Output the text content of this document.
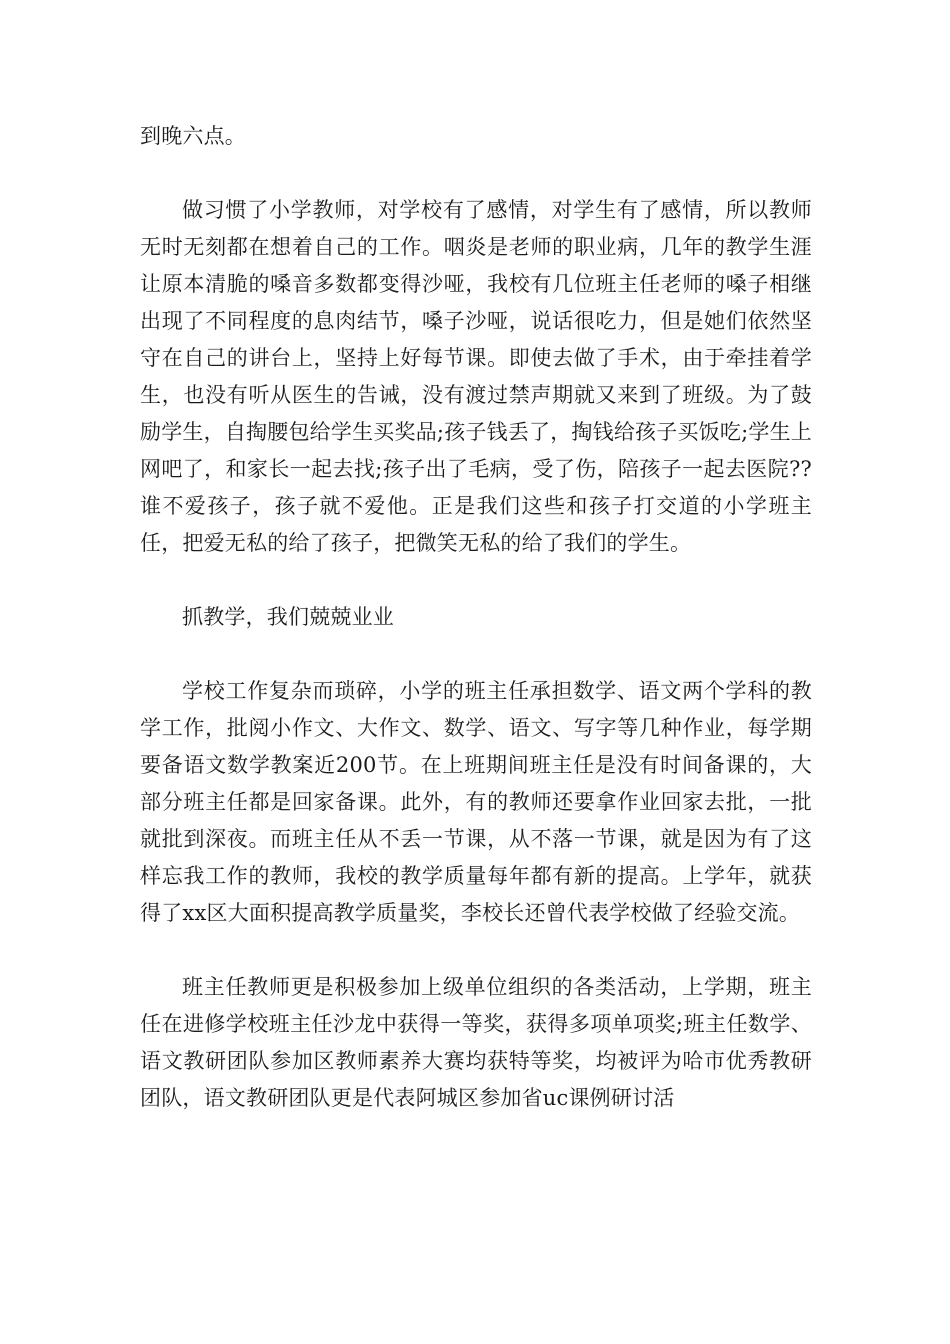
到晚六点。

做习惯了小学教师，对学校有了感情，对学生有了感情，所以教师无时无刻都在想着自己的工作。咽炎是老师的职业病，几年的教学生涯让原本清脆的嗓音多数都变得沙哑，我校有几位班主任老师的嗓子相继出现了不同程度的息肉结节，嗓子沙哑，说话很吃力，但是她们依然坚守在自己的讲台上，坚持上好每节课。即使去做了手术，由于牵挂着学生，也没有听从医生的告诫，没有渡过禁声期就又来到了班级。为了鼓励学生，自掏腰包给学生买奖品;孩子钱丢了，掏钱给孩子买饭吃;学生上网吧了，和家长一起去找;孩子出了毛病，受了伤，陪孩子一起去医院??谁不爱孩子，孩子就不爱他。正是我们这些和孩子打交道的小学班主任，把爱无私的给了孩子，把微笑无私的给了我们的学生。

抓教学，我们兢兢业业

学校工作复杂而琐碎，小学的班主任承担数学、语文两个学科的教学工作，批阅小作文、大作文、数学、语文、写字等几种作业，每学期要备语文数学教案近200节。在上班期间班主任是没有时间备课的，大部分班主任都是回家备课。此外，有的教师还要拿作业回家去批，一批就批到深夜。而班主任从不丢一节课，从不落一节课，就是因为有了这样忘我工作的教师，我校的教学质量每年都有新的提高。上学年，就获得了xx区大面积提高教学质量奖，李校长还曾代表学校做了经验交流。

班主任教师更是积极参加上级单位组织的各类活动，上学期，班主任在进修学校班主任沙龙中获得一等奖，获得多项单项奖;班主任数学、语文教研团队参加区教师素养大赛均获特等奖，均被评为哈市优秀教研团队，语文教研团队更是代表阿城区参加省uc课例研讨活
